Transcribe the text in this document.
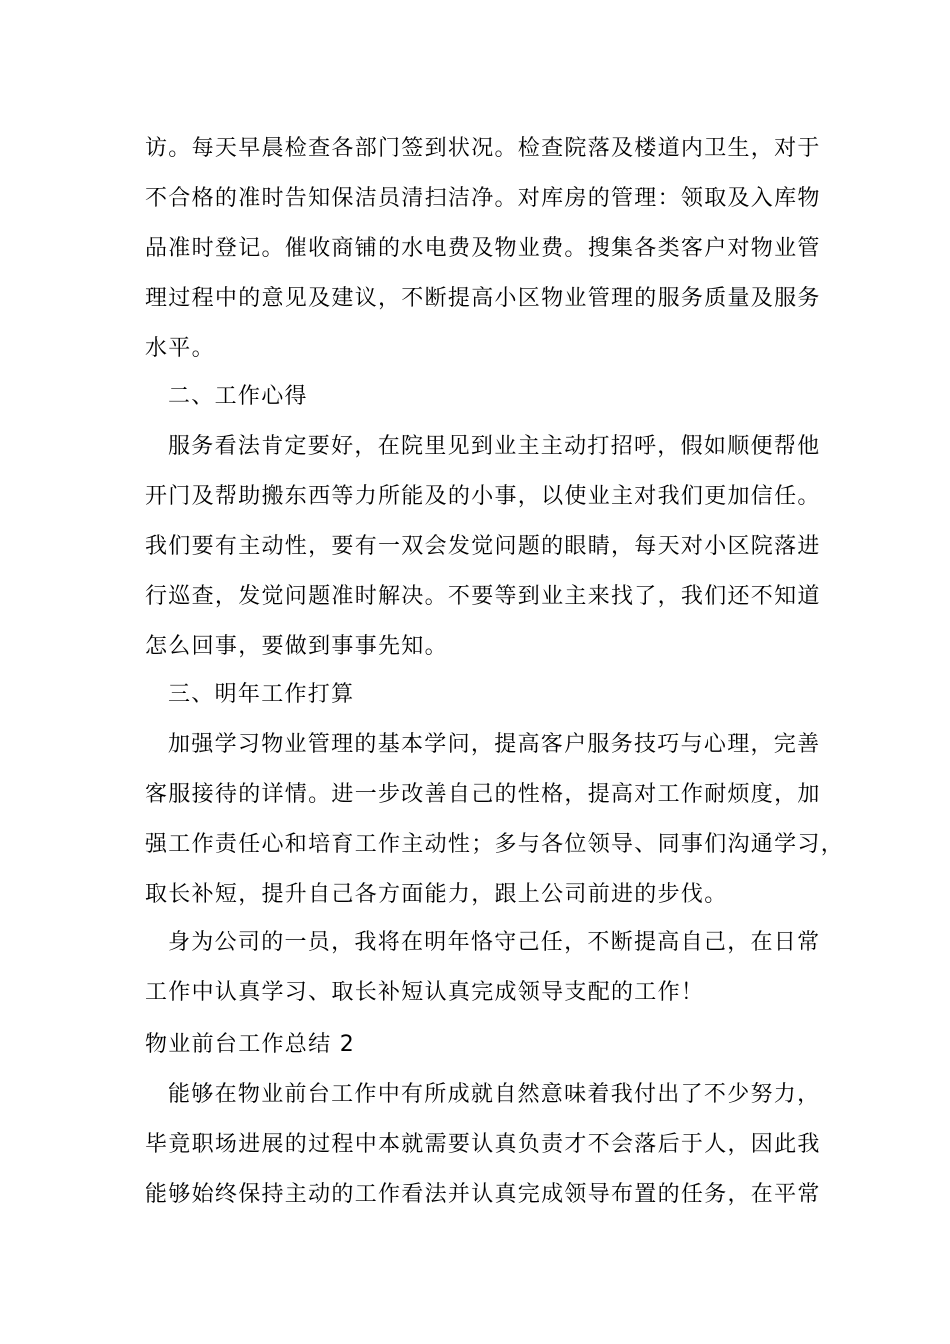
访。每天早晨检查各部门签到状况。检查院落及楼道内卫生，对于
不合格的准时告知保洁员清扫洁净。对库房的管理：领取及入库物
品准时登记。催收商铺的水电费及物业费。搜集各类客户对物业管
理过程中的意见及建议，不断提高小区物业管理的服务质量及服务
水平。
二、工作心得
服务看法肯定要好，在院里见到业主主动打招呼，假如顺便帮他
开门及帮助搬东西等力所能及的小事，以使业主对我们更加信任。
我们要有主动性，要有一双会发觉问题的眼睛，每天对小区院落进
行巡查，发觉问题准时解决。不要等到业主来找了，我们还不知道
怎么回事，要做到事事先知。
三、明年工作打算
加强学习物业管理的基本学问，提高客户服务技巧与心理，完善
客服接待的详情。进一步改善自己的性格，提高对工作耐烦度，加
强工作责任心和培育工作主动性；多与各位领导、同事们沟通学习，
取长补短，提升自己各方面能力，跟上公司前进的步伐。
身为公司的一员，我将在明年恪守己任，不断提高自己，在日常
工作中认真学习、取长补短认真完成领导支配的工作！
物业前台工作总结 2
能够在物业前台工作中有所成就自然意味着我付出了不少努力，
毕竟职场进展的过程中本就需要认真负责才不会落后于人，因此我
能够始终保持主动的工作看法并认真完成领导布置的任务，在平常
